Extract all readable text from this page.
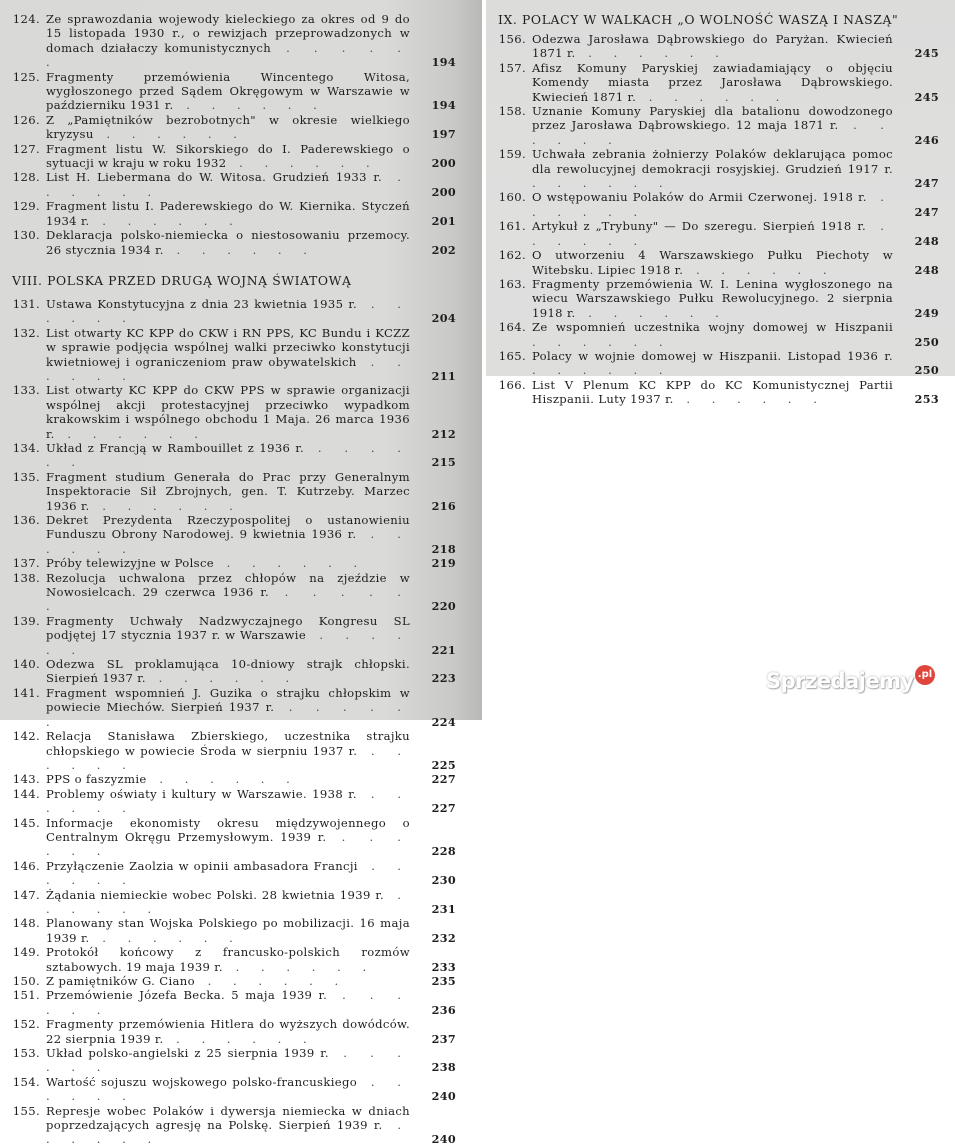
124. Ze sprawozdania wojewody kieleckiego za okres od 9 do 15 listopada 1930 r., o rewizjach przeprowadzonych w domach działaczy komunistycznych . . . . . .	194
125. Fragmenty przemówienia Wincentego Witosa, wygłoszonego przed Sądem Okręgowym w Warszawie w październiku 1931 r. . . . . . .	194
126. Z „Pamiętników bezrobotnych" w okresie wielkiego kryzysu . . . . . .	197
127. Fragment listu W. Sikorskiego do I. Paderewskiego o sytuacji w kraju w roku 1932 . . . . . .	200
128. List H. Liebermana do W. Witosa. Grudzień 1933 r. . . . . . .	200
129. Fragment listu I. Paderewskiego do W. Kiernika. Styczeń 1934 r. . . . . . .	201
130. Deklaracja polsko-niemiecka o niestosowaniu przemocy. 26 stycznia 1934 r. . . . . . .	202
VIII. POLSKA PRZED DRUGĄ WOJNĄ ŚWIATOWĄ
131. Ustawa Konstytucyjna z dnia 23 kwietnia 1935 r. . . . . . .	204
132. List otwarty KC KPP do CKW i RN PPS, KC Bundu i KCZZ w sprawie podjęcia wspólnej walki przeciwko konstytucji kwietniowej i ograniczeniom praw obywatelskich . . . . . .	211
133. List otwarty KC KPP do CKW PPS w sprawie organizacji wspólnej akcji protestacyjnej przeciwko wypadkom krakowskim i wspólnego obchodu 1 Maja. 26 marca 1936 r. . . . . . .	212
134. Układ z Francją w Rambouillet z 1936 r. . . . . . .	215
135. Fragment studium Generała do Prac przy Generalnym Inspektoracie Sił Zbrojnych, gen. T. Kutrzeby. Marzec 1936 r. . . . . . .	216
136. Dekret Prezydenta Rzeczypospolitej o ustanowieniu Funduszu Obrony Narodowej. 9 kwietnia 1936 r. . . . . . .	218
137. Próby telewizyjne w Polsce . . . . . .	219
138. Rezolucja uchwalona przez chłopów na zjeździe w Nowosielcach. 29 czerwca 1936 r. . . . . . .	220
139. Fragmenty Uchwały Nadzwyczajnego Kongresu SL podjętej 17 stycznia 1937 r. w Warszawie . . . . . .	221
140. Odezwa SL proklamująca 10-dniowy strajk chłopski. Sierpień 1937 r. . . . . . .	223
141. Fragment wspomnień J. Guzika o strajku chłopskim w powiecie Miechów. Sierpień 1937 r. . . . . . .	224
142. Relacja Stanisława Zbierskiego, uczestnika strajku chłopskiego w powiecie Środa w sierpniu 1937 r. . . . . . .	225
143. PPS o faszyzmie . . . . . .	227
144. Problemy oświaty i kultury w Warszawie. 1938 r. . . . . . .	227
145. Informacje ekonomisty okresu międzywojennego o Centralnym Okręgu Przemysłowym. 1939 r. . . . . . .	228
146. Przyłączenie Zaolzia w opinii ambasadora Francji . . . . . .	230
147. Żądania niemieckie wobec Polski. 28 kwietnia 1939 r. . . . . . .	231
148. Planowany stan Wojska Polskiego po mobilizacji. 16 maja 1939 r. . . . . . .	232
149. Protokół końcowy z francusko-polskich rozmów sztabowych. 19 maja 1939 r. . . . . . .	233
150. Z pamiętników G. Ciano . . . . . .	235
151. Przemówienie Józefa Becka. 5 maja 1939 r. . . . . . .	236
152. Fragmenty przemówienia Hitlera do wyższych dowódców. 22 sierpnia 1939 r. . . . . . .	237
153. Układ polsko-angielski z 25 sierpnia 1939 r. . . . . . .	238
154. Wartość sojuszu wojskowego polsko-francuskiego . . . . . .	240
155. Represje wobec Polaków i dywersja niemiecka w dniach poprzedzających agresję na Polskę. Sierpień 1939 r. . . . . . .	240
IX. POLACY W WALKACH „O WOLNOŚĆ WASZĄ I NASZĄ"
156. Odezwa Jarosława Dąbrowskiego do Paryżan. Kwiecień 1871 r. . . . . . .	245
157. Afisz Komuny Paryskiej zawiadamiający o objęciu Komendy miasta przez Jarosława Dąbrowskiego. Kwiecień 1871 r. . . . . . .	245
158. Uznanie Komuny Paryskiej dla batalionu dowodzonego przez Jarosława Dąbrowskiego. 12 maja 1871 r. . . . . . .	246
159. Uchwała zebrania żołnierzy Polaków deklarująca pomoc dla rewolucyjnej demokracji rosyjskiej. Grudzień 1917 r. . . . . . .	247
160. O wstępowaniu Polaków do Armii Czerwonej. 1918 r. . . . . . .	247
161. Artykuł z „Trybuny" — Do szeregu. Sierpień 1918 r. . . . . . .	248
162. O utworzeniu 4 Warszawskiego Pułku Piechoty w Witebsku. Lipiec 1918 r. . . . . . .	248
163. Fragmenty przemówienia W. I. Lenina wygłoszonego na wiecu Warszawskiego Pułku Rewolucyjnego. 2 sierpnia 1918 r. . . . . . .	249
164. Ze wspomnień uczestnika wojny domowej w Hiszpanii . . . . . .	250
165. Polacy w wojnie domowej w Hiszpanii. Listopad 1936 r. . . . . . .	250
166. List V Plenum KC KPP do KC Komunistycznej Partii Hiszpanii. Luty 1937 r. . . . . . .	253
Sprzedajemy .pl
